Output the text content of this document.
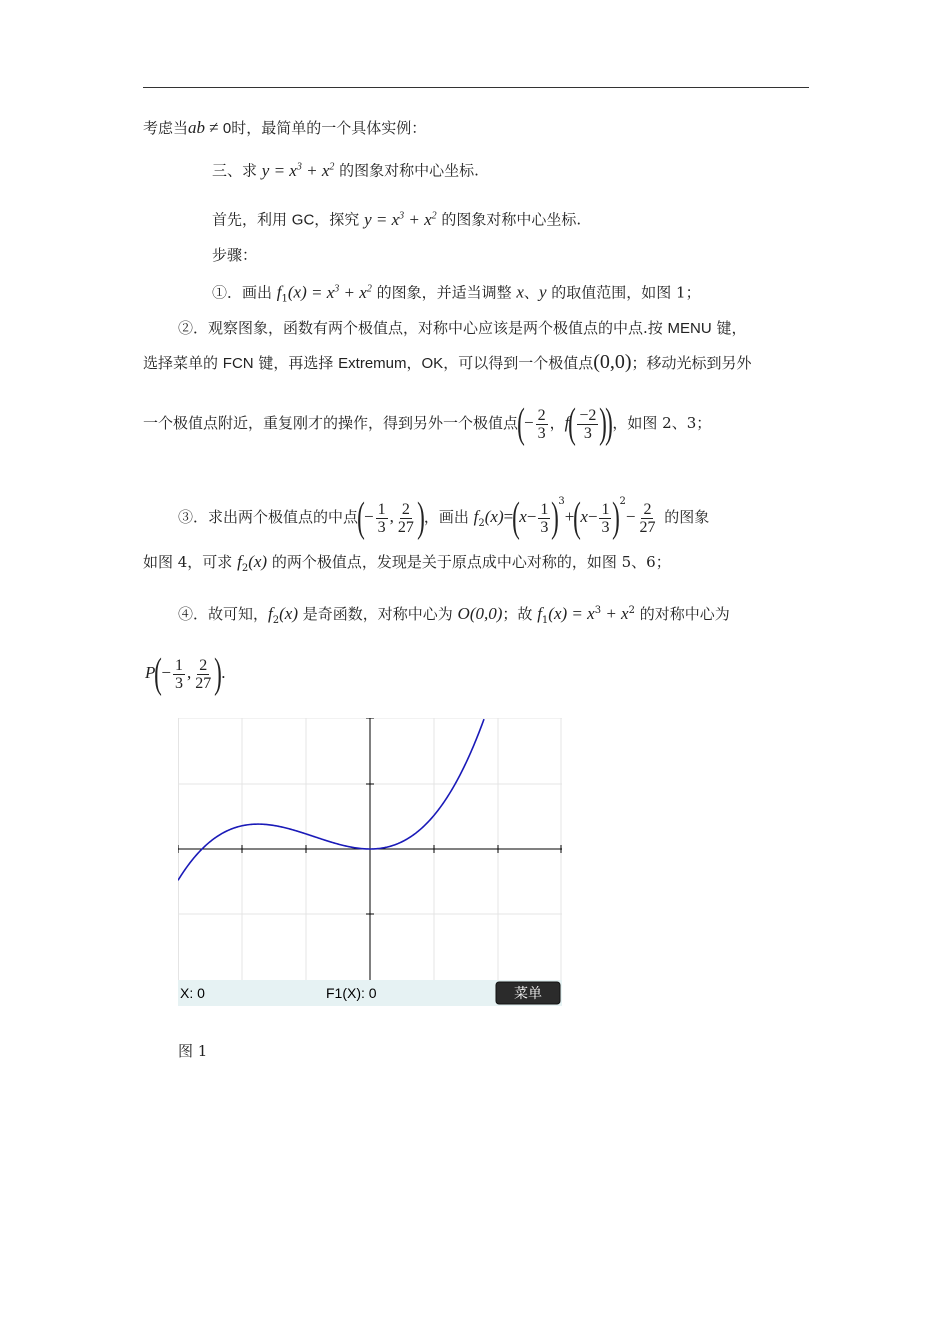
考虑当ab ≠ 0时，最简单的一个具体实例：
三、求 $y = x^3 + x^2$ 的图象对称中心坐标.
首先，利用 GC，探究 $y = x^3 + x^2$ 的图象对称中心坐标.
步骤：
①．画出 $f_1(x) = x^3 + x^2$ 的图象，并适当调整 x、y 的取值范围，如图 1；
②．观察图象，函数有两个极值点，对称中心应该是两个极值点的中点.按 MENU 键，
选择菜单的 FCN 键，再选择 Extremum，OK，可以得到一个极值点(0,0)；移动光标到另外
一个极值点附近，重复刚才的操作，得到另外一个极值点(− $\frac{2}{3}$ ，$f( \frac{-2}{3}$ ))，如图 2、3；
③．求出两个极值点的中点(− $\frac{1}{3}$ , $\frac{2}{27}$ )，画出 $f_2(x)=(x- \frac{1}{3} )^3+(x- \frac{1}{3} )^2- \frac{2}{27}$ 的图象
如图 4，可求 $f_2(x)$ 的两个极值点，发现是关于原点成中心对称的，如图 5、6；
④．故可知，$f_2(x)$ 是奇函数，对称中心为 O(0,0)；故 $f_1(x) = x^3 + x^2$ 的对称中心为
$P(- \frac{1}{3}$ , $\frac{2}{27}$ ).
X: 0	F1(X): 0	菜单
图 1
